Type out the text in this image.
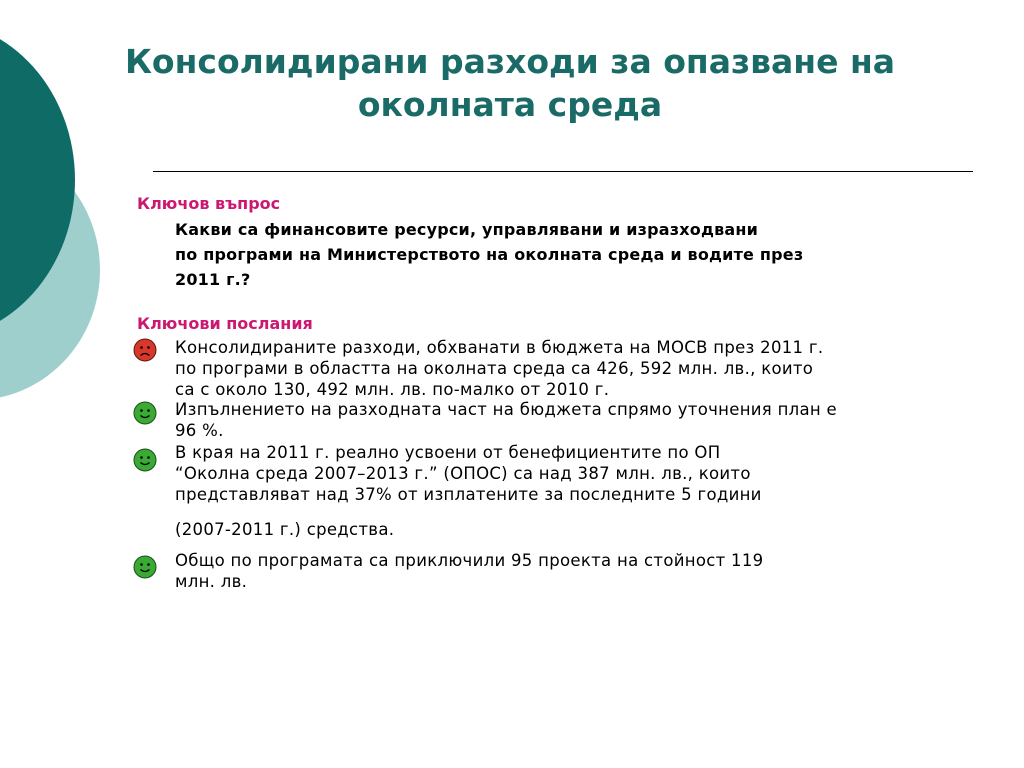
Консолидирани разходи за опазване на
околната среда
Ключов въпрос
Какви са финансовите ресурси, управлявани и изразходвани
по програми на Министерството на околната среда и водите през
2011 г.?
Ключови послания
Консолидираните разходи, обхванати в бюджета на МОСВ през 2011 г.
по програми в областта на околната среда са 426, 592 млн. лв., които
са с около 130, 492 млн. лв. по-малко от 2010 г.
Изпълнението на разходната част на бюджета спрямо уточнения план е
96 %.
В края на 2011 г. реално усвоени от бенефициентите по ОП
“Околна среда 2007–2013 г.” (ОПОС) са над 387 млн. лв., които
представляват над 37% от изплатените за последните 5 години
(2007-2011 г.) средства.
Общо по програмата са приключили 95 проекта на стойност 119
млн. лв.
